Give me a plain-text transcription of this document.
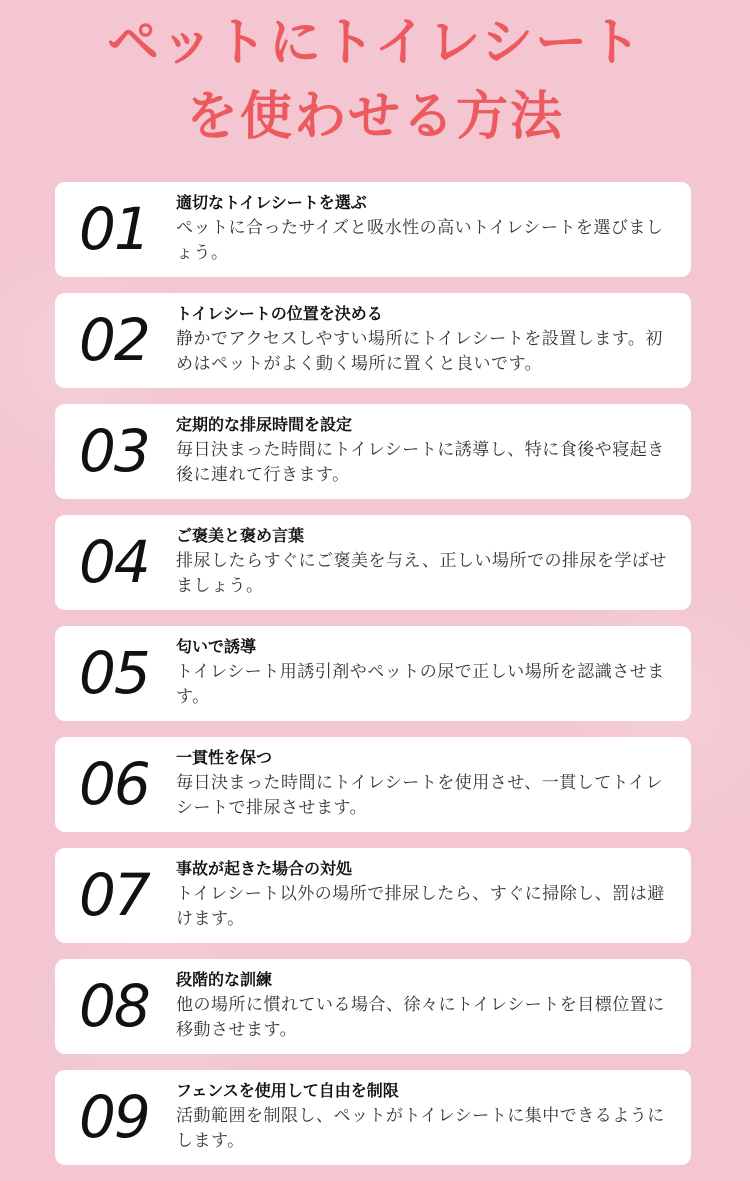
ペットにトイレシート
を使わせる方法
01	適切なトイレシートを選ぶ
ペットに合ったサイズと吸水性の高いトイレシートを選びましょう。
02	トイレシートの位置を決める
静かでアクセスしやすい場所にトイレシートを設置します。初めはペットがよく動く場所に置くと良いです。
03	定期的な排尿時間を設定
毎日決まった時間にトイレシートに誘導し、特に食後や寝起き後に連れて行きます。
04	ご褒美と褒め言葉
排尿したらすぐにご褒美を与え、正しい場所での排尿を学ばせましょう。
05	匂いで誘導
トイレシート用誘引剤やペットの尿で正しい場所を認識させます。
06	一貫性を保つ
毎日決まった時間にトイレシートを使用させ、一貫してトイレシートで排尿させます。
07	事故が起きた場合の対処
トイレシート以外の場所で排尿したら、すぐに掃除し、罰は避けます。
08	段階的な訓練
他の場所に慣れている場合、徐々にトイレシートを目標位置に移動させます。
09	フェンスを使用して自由を制限
活動範囲を制限し、ペットがトイレシートに集中できるようにします。
